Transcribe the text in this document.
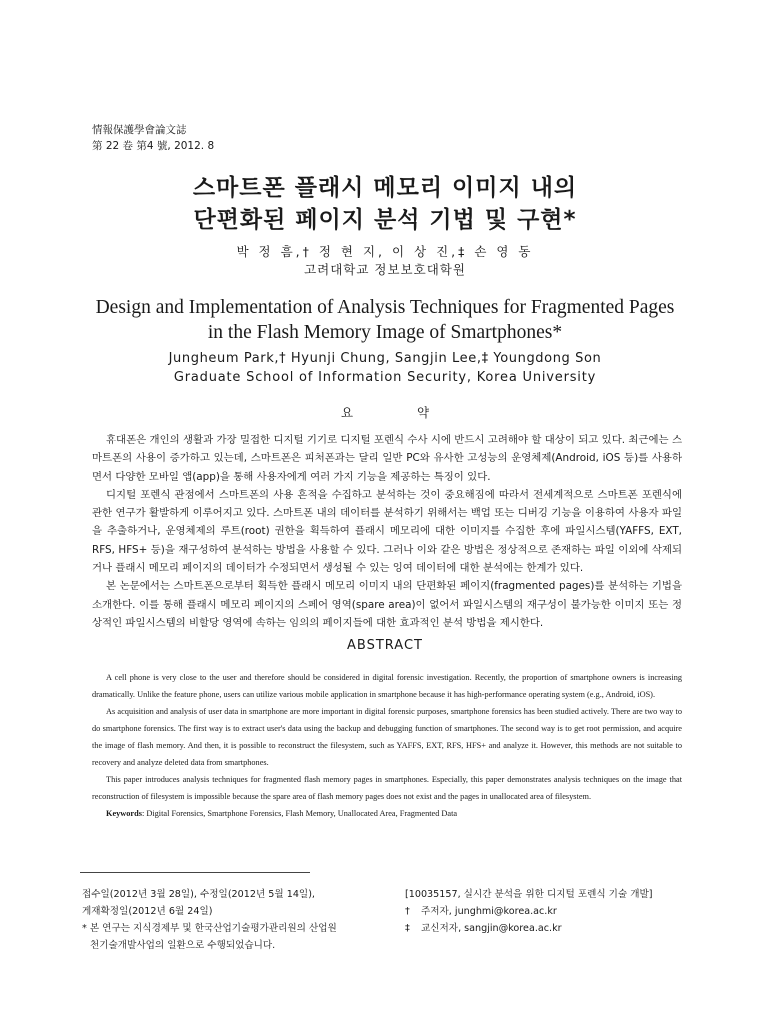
情報保護學會論文誌
第 22 卷 第4 號, 2012. 8
스마트폰 플래시 메모리 이미지 내의
단편화된 페이지 분석 기법 및 구현*
박 정 흠,† 정 현 지, 이 상 진,‡ 손 영 동
고려대학교 정보보호대학원
Design and Implementation of Analysis Techniques for Fragmented Pages
in the Flash Memory Image of Smartphones*
Jungheum Park,† Hyunji Chung, Sangjin Lee,‡ Youngdong Son
Graduate School of Information Security, Korea University
요 약

휴대폰은 개인의 생활과 가장 밀접한 디지털 기기로 디지털 포렌식 수사 시에 반드시 고려해야 할 대상이 되고 있다. 최근에는 스마트폰의 사용이 증가하고 있는데, 스마트폰은 피처폰과는 달리 일반 PC와 유사한 고성능의 운영체제(Android, iOS 등)를 사용하면서 다양한 모바일 앱(app)을 통해 사용자에게 여러 가지 기능을 제공하는 특징이 있다.

디지털 포렌식 관점에서 스마트폰의 사용 흔적을 수집하고 분석하는 것이 중요해짐에 따라서 전세계적으로 스마트폰 포렌식에 관한 연구가 활발하게 이루어지고 있다. 스마트폰 내의 데이터를 분석하기 위해서는 백업 또는 디버깅 기능을 이용하여 사용자 파일을 추출하거나, 운영체제의 루트(root) 권한을 획득하여 플래시 메모리에 대한 이미지를 수집한 후에 파일시스템(YAFFS, EXT, RFS, HFS+ 등)을 재구성하여 분석하는 방법을 사용할 수 있다. 그러나 이와 같은 방법은 정상적으로 존재하는 파일 이외에 삭제되거나 플래시 메모리 페이지의 데이터가 수정되면서 생성될 수 있는 잉여 데이터에 대한 분석에는 한계가 있다.

본 논문에서는 스마트폰으로부터 획득한 플래시 메모리 이미지 내의 단편화된 페이지(fragmented pages)를 분석하는 기법을 소개한다. 이를 통해 플래시 메모리 페이지의 스페어 영역(spare area)이 없어서 파일시스템의 재구성이 불가능한 이미지 또는 정상적인 파일시스템의 비할당 영역에 속하는 임의의 페이지들에 대한 효과적인 분석 방법을 제시한다.

ABSTRACT

A cell phone is very close to the user and therefore should be considered in digital forensic investigation. Recently, the proportion of smartphone owners is increasing dramatically. Unlike the feature phone, users can utilize various mobile application in smartphone because it has high-performance operating system (e.g., Android, iOS).

As acquisition and analysis of user data in smartphone are more important in digital forensic purposes, smartphone forensics has been studied actively. There are two way to do smartphone forensics. The first way is to extract user's data using the backup and debugging function of smartphones. The second way is to get root permission, and acquire the image of flash memory. And then, it is possible to reconstruct the filesystem, such as YAFFS, EXT, RFS, HFS+ and analyze it. However, this methods are not suitable to recovery and analyze deleted data from smartphones.

This paper introduces analysis techniques for fragmented flash memory pages in smartphones. Especially, this paper demonstrates analysis techniques on the image that reconstruction of filesystem is impossible because the spare area of flash memory pages does not exist and the pages in unallocated area of filesystem.

Keywords: Digital Forensics, Smartphone Forensics, Flash Memory, Unallocated Area, Fragmented Data

접수일(2012년 3월 28일), 수정일(2012년 5월 14일),
게재확정일(2012년 6월 24일)
* 본 연구는 지식경제부 및 한국산업기술평가관리원의 산업원
천기술개발사업의 일환으로 수행되었습니다.
[10035157, 실시간 분석을 위한 디지털 포렌식 기술 개발]
† 주저자, junghmi@korea.ac.kr
‡ 교신저자, sangjin@korea.ac.kr
